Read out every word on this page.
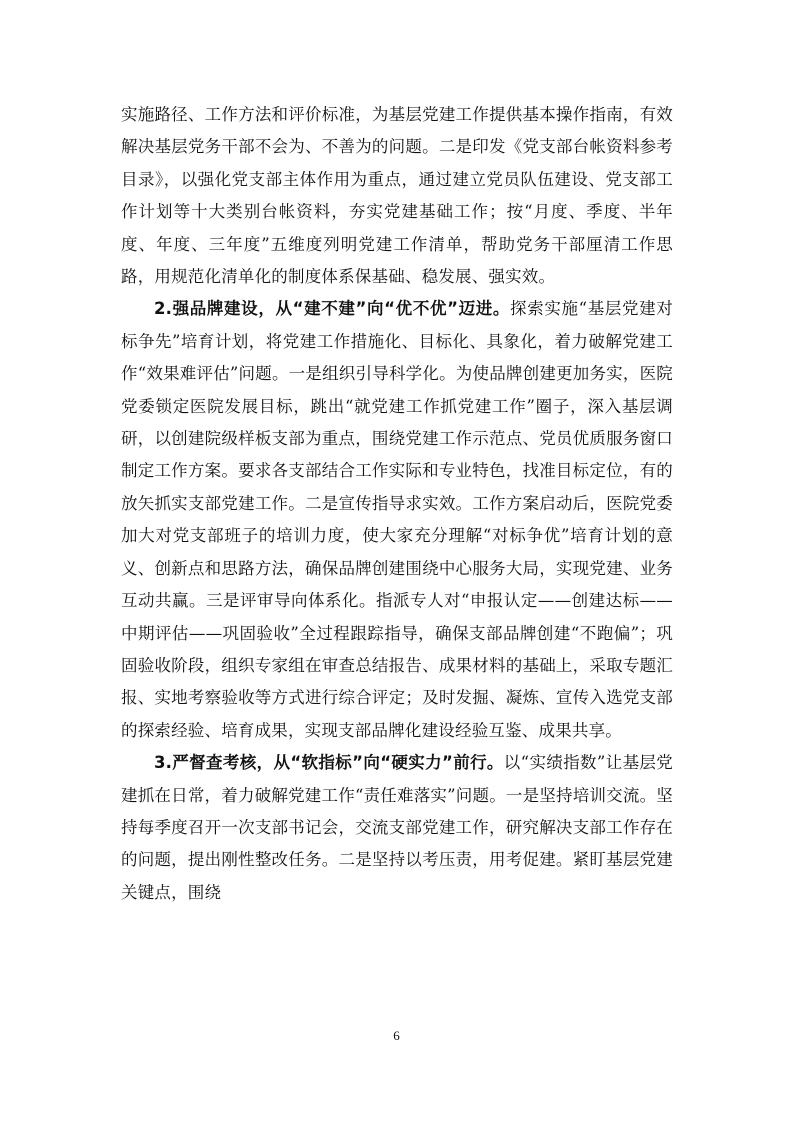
实施路径、工作方法和评价标准，为基层党建工作提供基本操作指南，有效解决基层党务干部不会为、不善为的问题。二是印发《党支部台帐资料参考目录》，以强化党支部主体作用为重点，通过建立党员队伍建设、党支部工作计划等十大类别台帐资料，夯实党建基础工作；按“月度、季度、半年度、年度、三年度”五维度列明党建工作清单，帮助党务干部厘清工作思路，用规范化清单化的制度体系保基础、稳发展、强实效。

2.强品牌建设，从“建不建”向“优不优”迈进。探索实施“基层党建对标争先”培育计划，将党建工作措施化、目标化、具象化，着力破解党建工作“效果难评估”问题。一是组织引导科学化。为使品牌创建更加务实，医院党委锁定医院发展目标，跳出“就党建工作抓党建工作”圈子，深入基层调研，以创建院级样板支部为重点，围绕党建工作示范点、党员优质服务窗口制定工作方案。要求各支部结合工作实际和专业特色，找准目标定位，有的放矢抓实支部党建工作。二是宣传指导求实效。工作方案启动后，医院党委加大对党支部班子的培训力度，使大家充分理解“对标争优”培育计划的意义、创新点和思路方法，确保品牌创建围绕中心服务大局，实现党建、业务互动共赢。三是评审导向体系化。指派专人对“申报认定——创建达标——中期评估——巩固验收”全过程跟踪指导，确保支部品牌创建“不跑偏”；巩固验收阶段，组织专家组在审查总结报告、成果材料的基础上，采取专题汇报、实地考察验收等方式进行综合评定；及时发掘、凝炼、宣传入选党支部的探索经验、培育成果，实现支部品牌化建设经验互鉴、成果共享。

3.严督查考核，从“软指标”向“硬实力”前行。以“实绩指数”让基层党建抓在日常，着力破解党建工作“责任难落实”问题。一是坚持培训交流。坚持每季度召开一次支部书记会，交流支部党建工作，研究解决支部工作存在的问题，提出刚性整改任务。二是坚持以考压责，用考促建。紧盯基层党建关键点，围绕

6
